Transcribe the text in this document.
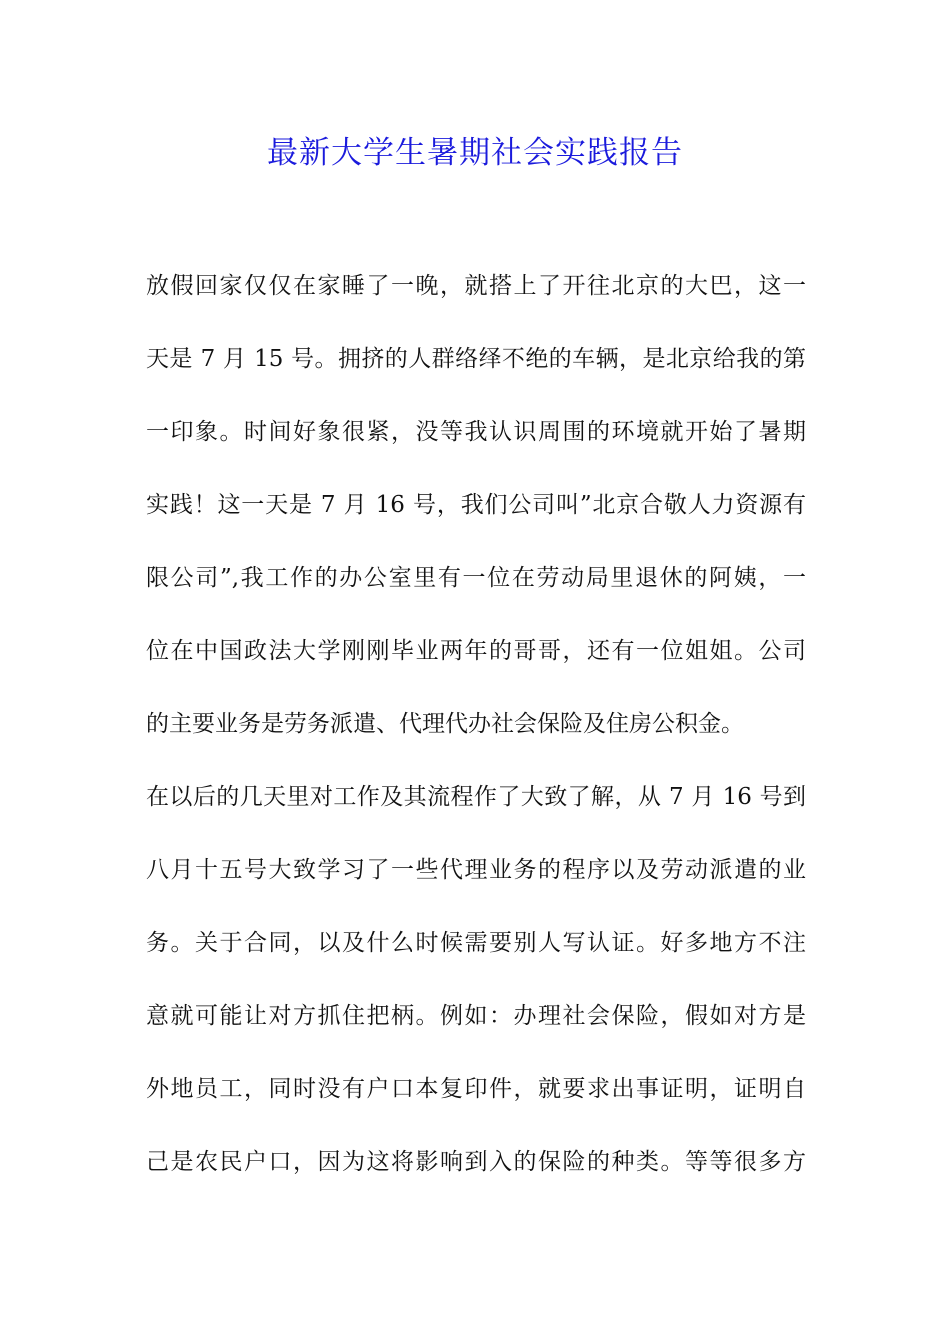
最新大学生暑期社会实践报告
放假回家仅仅在家睡了一晚，就搭上了开往北京的大巴，这一
天是 7 月 15 号。拥挤的人群络绎不绝的车辆，是北京给我的第
一印象。时间好象很紧，没等我认识周围的环境就开始了暑期
实践！这一天是 7 月 16 号，我们公司叫”北京合敬人力资源有
限公司”,我工作的办公室里有一位在劳动局里退休的阿姨，一
位在中国政法大学刚刚毕业两年的哥哥，还有一位姐姐。公司
的主要业务是劳务派遣、代理代办社会保险及住房公积金。
在以后的几天里对工作及其流程作了大致了解，从 7 月 16 号到
八月十五号大致学习了一些代理业务的程序以及劳动派遣的业
务。关于合同，以及什么时候需要别人写认证。好多地方不注
意就可能让对方抓住把柄。例如：办理社会保险，假如对方是
外地员工，同时没有户口本复印件，就要求出事证明，证明自
己是农民户口，因为这将影响到入的保险的种类。等等很多方
